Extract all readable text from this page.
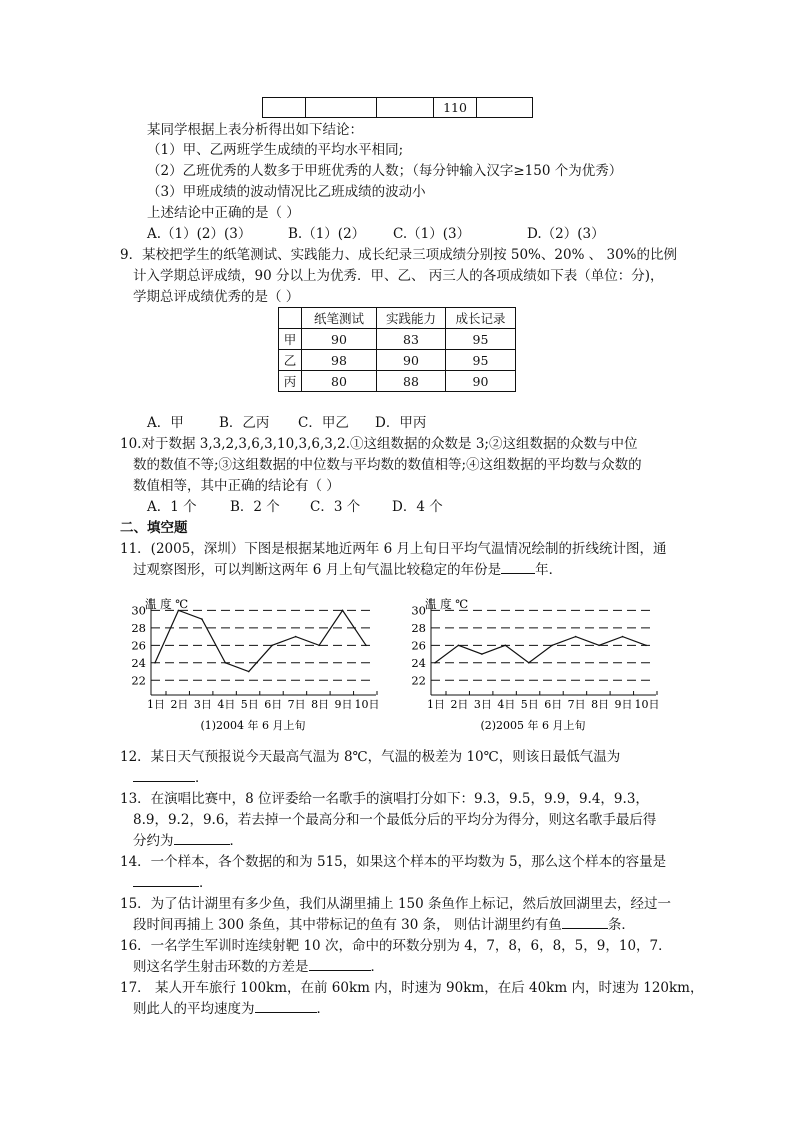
			110	
某同学根据上表分析得出如下结论：
（1）甲、乙两班学生成绩的平均水平相同;
（2）乙班优秀的人数多于甲班优秀的人数；（每分钟输入汉字≥150 个为优秀）
（3）甲班成绩的波动情况比乙班成绩的波动小
上述结论中正确的是（ ）
A.（1）(2）(3）	B.（1）(2） C.（1）(3）	D.（2）(3）
9．某校把学生的纸笔测试、实践能力、成长纪录三项成绩分别按 50%、20% 、 30%的比例
计入学期总评成绩，90 分以上为优秀．甲、乙、 丙三人的各项成绩如下表（单位：分)，
学期总评成绩优秀的是（ ）
	纸笔测试	实践能力	成长记录
甲	90	83	95
乙	98	90	95
丙	80	88	90
A．甲	B．乙丙 C．甲乙 D．甲丙
10.对于数据 3,3,2,3,6,3,10,3,6,3,2.①这组数据的众数是 3;②这组数据的众数与中位
数的数值不等;③这组数据的中位数与平均数的数值相等;④这组数据的平均数与众数的
数值相等，其中正确的结论有（ ）
A．1 个 B．2 个 C．3 个 D．4 个
二、填空题
11．(2005，深圳）下图是根据某地近两年 6 月上旬日平均气温情况绘制的折线统计图，通
过观察图形，可以判断这两年 6 月上旬气温比较稳定的年份是	年．
22
24
26
28
30
1日 2日 3日 4日 5日 6日 7日 8日 9日 10日
温 度 ℃
(1)2004 年 6 月上旬
22
24
26
28
30
1日 2日 3日 4日 5日 6日 7日 8日 9日 10日
温 度 ℃
(2)2005 年 6 月上旬
12．某日天气预报说今天最高气温为 8℃，气温的极差为 10℃，则该日最低气温为
．
13．在演唱比赛中，8 位评委给一名歌手的演唱打分如下：9.3，9.5，9.9，9.4，9.3，
8.9，9.2，9.6，若去掉一个最高分和一个最低分后的平均分为得分，则这名歌手最后得
分约为	．
14．一个样本，各个数据的和为 515，如果这个样本的平均数为 5，那么这个样本的容量是
．
15．为了估计湖里有多少鱼，我们从湖里捕上 150 条鱼作上标记，然后放回湖里去，经过一
段时间再捕上 300 条鱼，其中带标记的鱼有 30 条， 则估计湖里约有鱼	条．
16．一名学生军训时连续射靶 10 次，命中的环数分别为 4，7，8，6，8，5，9，10，7．
则这名学生射击环数的方差是	．
17． 某人开车旅行 100km，在前 60km 内，时速为 90km，在后 40km 内，时速为 120km，
则此人的平均速度为	．
